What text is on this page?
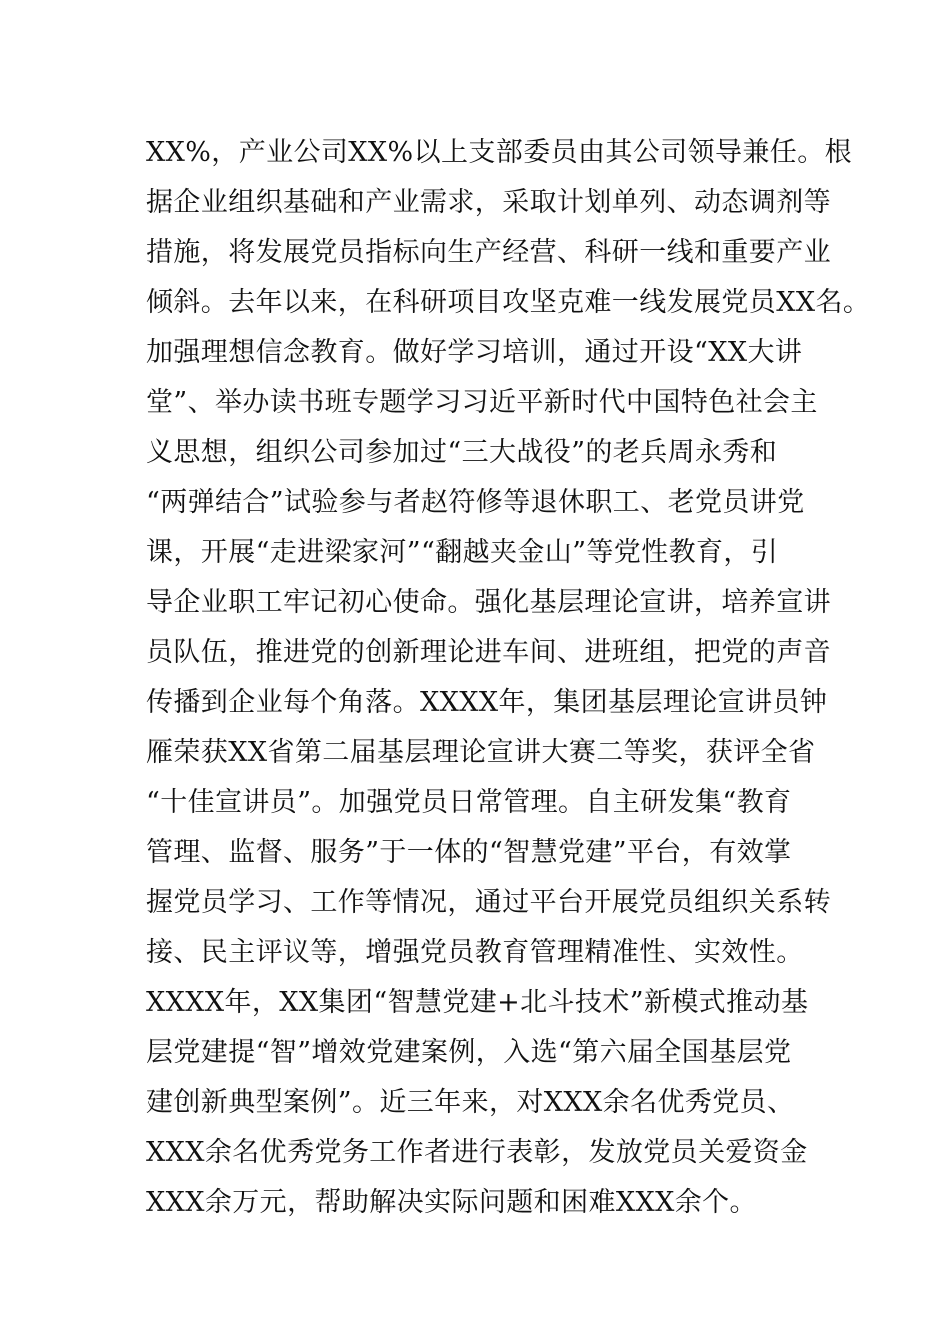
XX%，产业公司XX%以上支部委员由其公司领导兼任。根
据企业组织基础和产业需求，采取计划单列、动态调剂等
措施，将发展党员指标向生产经营、科研一线和重要产业
倾斜。去年以来，在科研项目攻坚克难一线发展党员XX名。
加强理想信念教育。做好学习培训，通过开设“XX大讲
堂”、举办读书班专题学习习近平新时代中国特色社会主
义思想，组织公司参加过“三大战役”的老兵周永秀和
“两弹结合”试验参与者赵符修等退休职工、老党员讲党
课，开展“走进梁家河”“翻越夹金山”等党性教育，引
导企业职工牢记初心使命。强化基层理论宣讲，培养宣讲
员队伍，推进党的创新理论进车间、进班组，把党的声音
传播到企业每个角落。XXXX年，集团基层理论宣讲员钟
雁荣获XX省第二届基层理论宣讲大赛二等奖，获评全省
“十佳宣讲员”。加强党员日常管理。自主研发集“教育
管理、监督、服务”于一体的“智慧党建”平台，有效掌
握党员学习、工作等情况，通过平台开展党员组织关系转
接、民主评议等，增强党员教育管理精准性、实效性。
XXXX年，XX集团“智慧党建+北斗技术”新模式推动基
层党建提“智”增效党建案例，入选“第六届全国基层党
建创新典型案例”。近三年来，对XXX余名优秀党员、
XXX余名优秀党务工作者进行表彰，发放党员关爱资金
XXX余万元，帮助解决实际问题和困难XXX余个。
